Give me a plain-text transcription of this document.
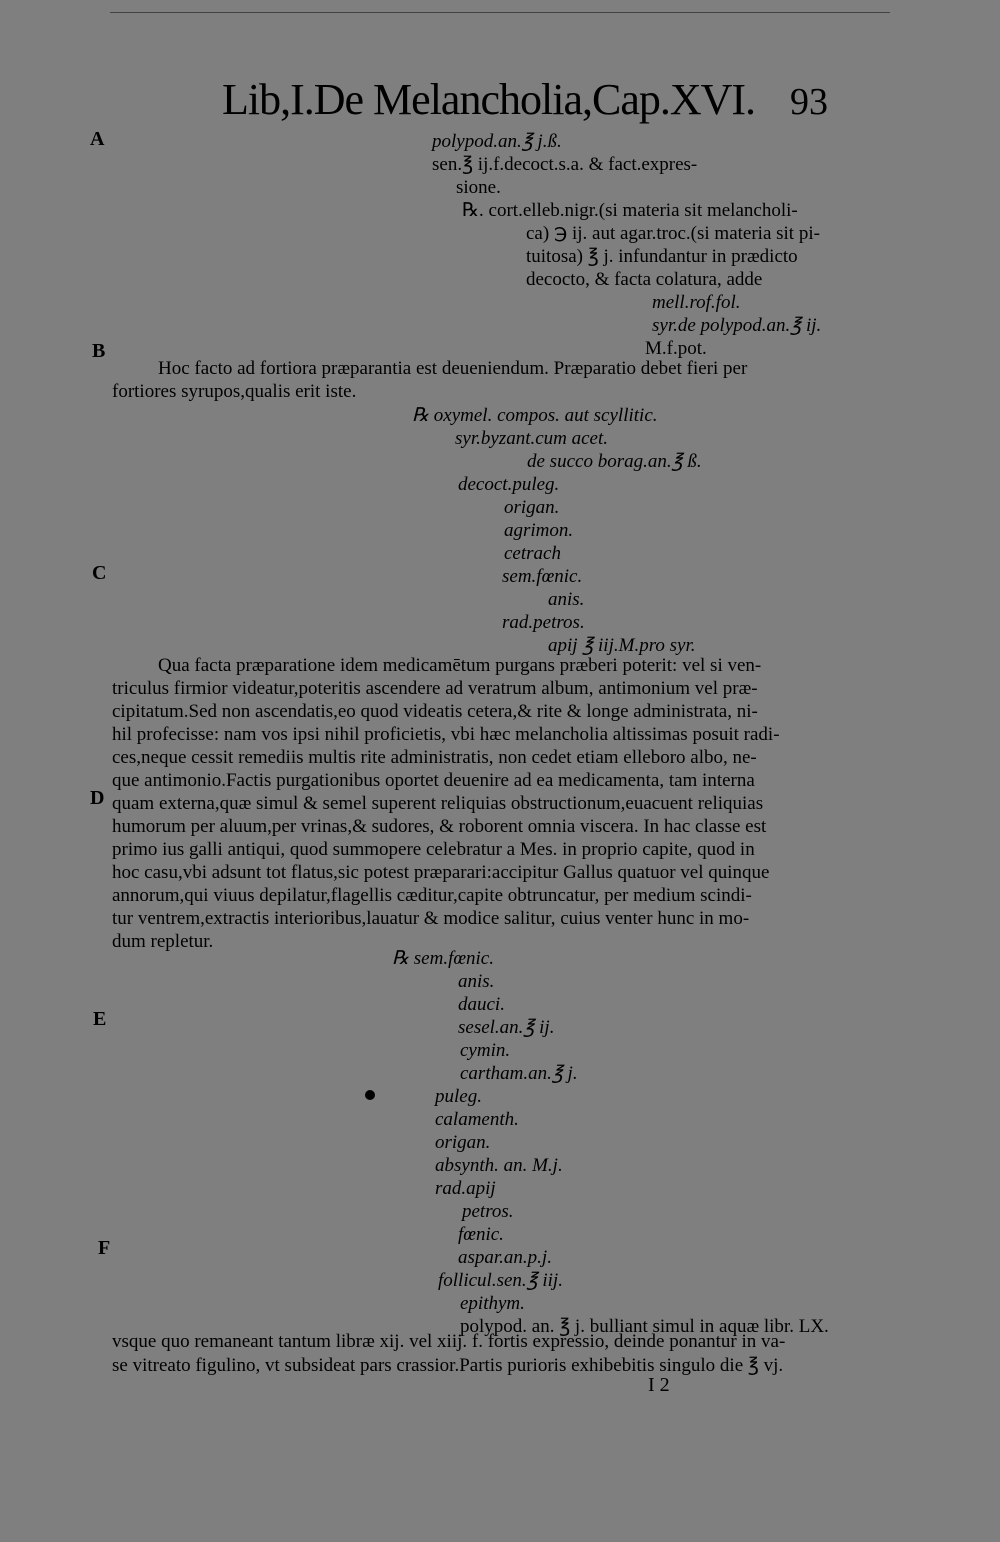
Lib,I.De Melancholia,Cap.XVI. 93
A
B
C
D
E
F
polypod.an.℥ j.ß.
sen.℥ ij.f.decoct.s.a. & fact.expres-
sione.
℞. cort.elleb.nigr.(si materia sit melancholi-
ca) ℈ ij. aut agar.troc.(si materia sit pi-
tuitosa) ℥ j. infundantur in prædicto
decocto, & facta colatura, adde
mell.rof.fol.
syr.de polypod.an.℥ ij.
M.f.pot.
Hoc facto ad fortiora præparantia est deueniendum. Præparatio debet fieri per
fortiores syrupos,qualis erit iste.
℞ oxymel. compos. aut scyllitic.
syr.byzant.cum acet.
de succo borag.an.℥ ß.
decoct.puleg.
origan.
agrimon.
cetrach
sem.fœnic.
anis.
rad.petros.
apij ℥ iij.M.pro syr.
Qua facta præparatione idem medicamētum purgans præberi poterit: vel si ven-
triculus firmior videatur,poteritis ascendere ad veratrum album, antimonium vel præ-
cipitatum.Sed non ascendatis,eo quod videatis cetera,& rite & longe administrata, ni-
hil profecisse: nam vos ipsi nihil proficietis, vbi hæc melancholia altissimas posuit radi-
ces,neque cessit remediis multis rite administratis, non cedet etiam elleboro albo, ne-
que antimonio.Factis purgationibus oportet deuenire ad ea medicamenta, tam interna
quam externa,quæ simul & semel superent reliquias obstructionum,euacuent reliquias
humorum per aluum,per vrinas,& sudores, & roborent omnia viscera. In hac classe est
primo ius galli antiqui, quod summopere celebratur a Mes. in proprio capite, quod in
hoc casu,vbi adsunt tot flatus,sic potest præparari:accipitur Gallus quatuor vel quinque
annorum,qui viuus depilatur,flagellis cæditur,capite obtruncatur, per medium scindi-
tur ventrem,extractis interioribus,lauatur & modice salitur, cuius venter hunc in mo-
dum repletur.
℞ sem.fœnic.
anis.
dauci.
sesel.an.℥ ij.
cymin.
cartham.an.℥ j.
puleg.
calamenth.
origan.
absynth. an. M.j.
rad.apij
petros.
fœnic.
aspar.an.p.j.
follicul.sen.℥ iij.
epithym.
polypod. an. ℥ j. bulliant simul in aquæ libr. LX.
vsque quo remaneant tantum libræ xij. vel xiij. f. fortis expressio, deinde ponantur in va-
se vitreato figulino, vt subsideat pars crassior.Partis purioris exhibebitis singulo die ℥ vj.
I 2
